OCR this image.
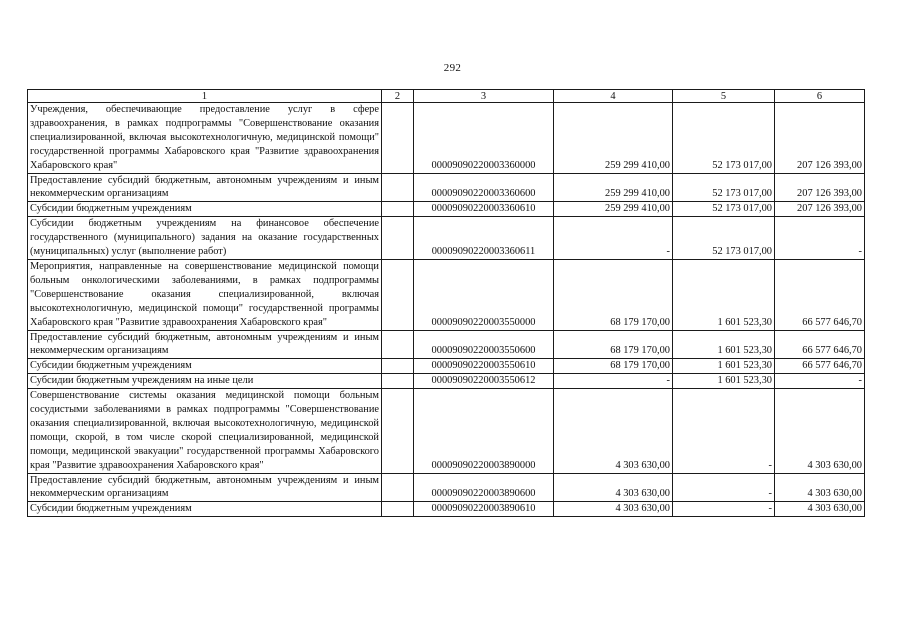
292
1	2	3	4	5	6
Учреждения, обеспечивающие предоставление услуг в сфере здравоохранения, в рамках подпрограммы "Совершенствование оказания специализированной, включая высокотехнологичную, медицинской помощи" государственной программы Хабаровского края "Развитие здравоохранения Хабаровского края"		00009090220003360000	259 299 410,00	52 173 017,00	207 126 393,00
Предоставление субсидий бюджетным, автономным учреждениям и иным некоммерческим организациям		00009090220003360600	259 299 410,00	52 173 017,00	207 126 393,00
Субсидии бюджетным учреждениям		00009090220003360610	259 299 410,00	52 173 017,00	207 126 393,00
Субсидии бюджетным учреждениям на финансовое обеспечение государственного (муниципального) задания на оказание государственных (муниципальных) услуг (выполнение работ)		00009090220003360611	-	52 173 017,00	-
Мероприятия, направленные на совершенствование медицинской помощи больным онкологическими заболеваниями, в рамках подпрограммы "Совершенствование оказания специализированной, включая высокотехнологичную, медицинской помощи" государственной программы Хабаровского края "Развитие здравоохранения Хабаровского края"		00009090220003550000	68 179 170,00	1 601 523,30	66 577 646,70
Предоставление субсидий бюджетным, автономным учреждениям и иным некоммерческим организациям		00009090220003550600	68 179 170,00	1 601 523,30	66 577 646,70
Субсидии бюджетным учреждениям		00009090220003550610	68 179 170,00	1 601 523,30	66 577 646,70
Субсидии бюджетным учреждениям на иные цели		00009090220003550612	-	1 601 523,30	-
Совершенствование системы оказания медицинской помощи больным сосудистыми заболеваниями в рамках подпрограммы "Совершенствование оказания специализированной, включая высокотехнологичную, медицинской помощи, скорой, в том числе скорой специализированной, медицинской помощи, медицинской эвакуации" государственной программы Хабаровского края "Развитие здравоохранения Хабаровского края"		00009090220003890000	4 303 630,00	-	4 303 630,00
Предоставление субсидий бюджетным, автономным учреждениям и иным некоммерческим организациям		00009090220003890600	4 303 630,00	-	4 303 630,00
Субсидии бюджетным учреждениям		00009090220003890610	4 303 630,00	-	4 303 630,00
